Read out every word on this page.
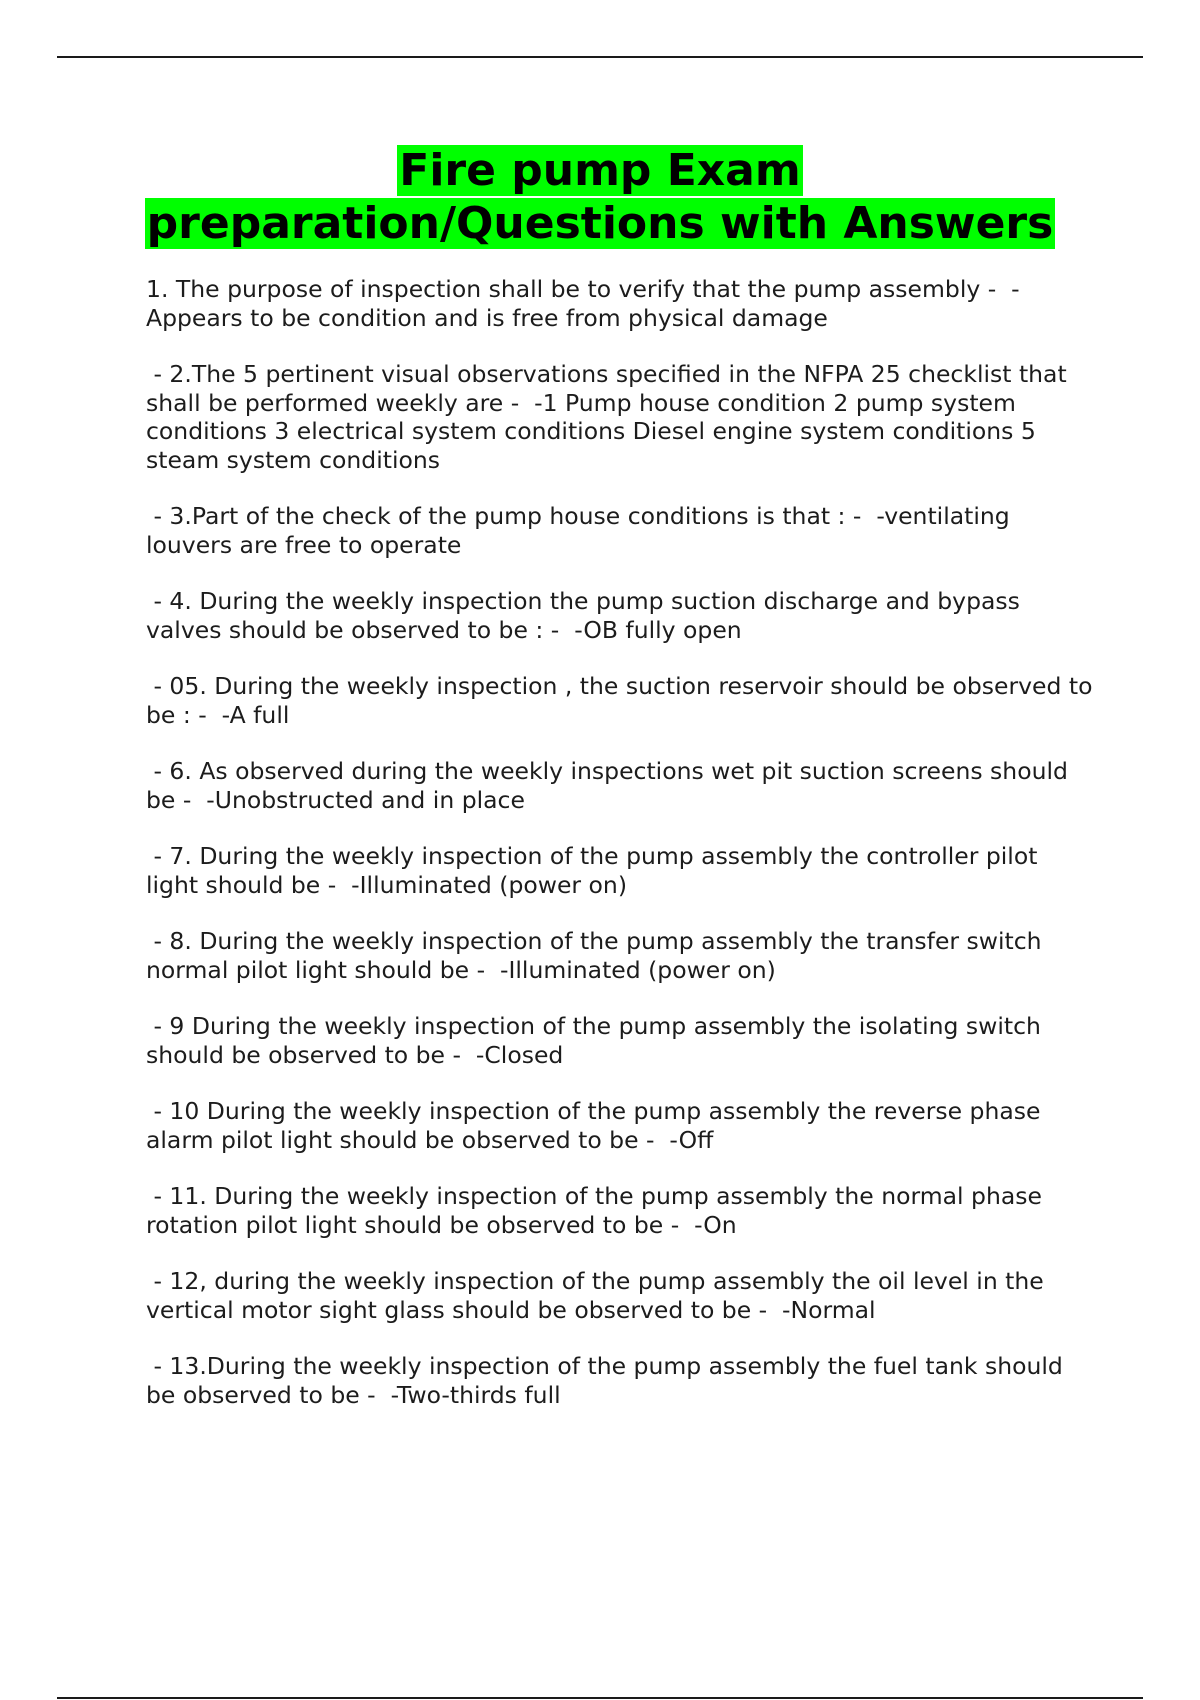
Fire pump Exam
preparation/Questions with Answers
1. The purpose of inspection shall be to verify that the pump assembly -  -Appears to be condition and is free from physical damage
- 2.The 5 pertinent visual observations specified in the NFPA 25 checklist that shall be performed weekly are -  -1 Pump house condition 2 pump system conditions 3 electrical system conditions Diesel engine system conditions 5 steam system conditions
- 3.Part of the check of the pump house conditions is that : -  -ventilating louvers are free to operate
- 4. During the weekly inspection the pump suction discharge and bypass valves should be observed to be : -  -OB fully open
- 05. During the weekly inspection , the suction reservoir should be observed to be : -  -A full
- 6. As observed during the weekly inspections wet pit suction screens should be -  -Unobstructed and in place
- 7. During the weekly inspection of the pump assembly the controller pilot light should be -  -Illuminated (power on)
- 8. During the weekly inspection of the pump assembly the transfer switch normal pilot light should be -  -Illuminated (power on)
- 9 During the weekly inspection of the pump assembly the isolating switch should be observed to be -  -Closed
- 10 During the weekly inspection of the pump assembly the reverse phase alarm pilot light should be observed to be -  -Off
- 11. During the weekly inspection of the pump assembly the normal phase rotation pilot light should be observed to be -  -On
- 12, during the weekly inspection of the pump assembly the oil level in the vertical motor sight glass should be observed to be -  -Normal
- 13.During the weekly inspection of the pump assembly the fuel tank should be observed to be -  -Two-thirds full
